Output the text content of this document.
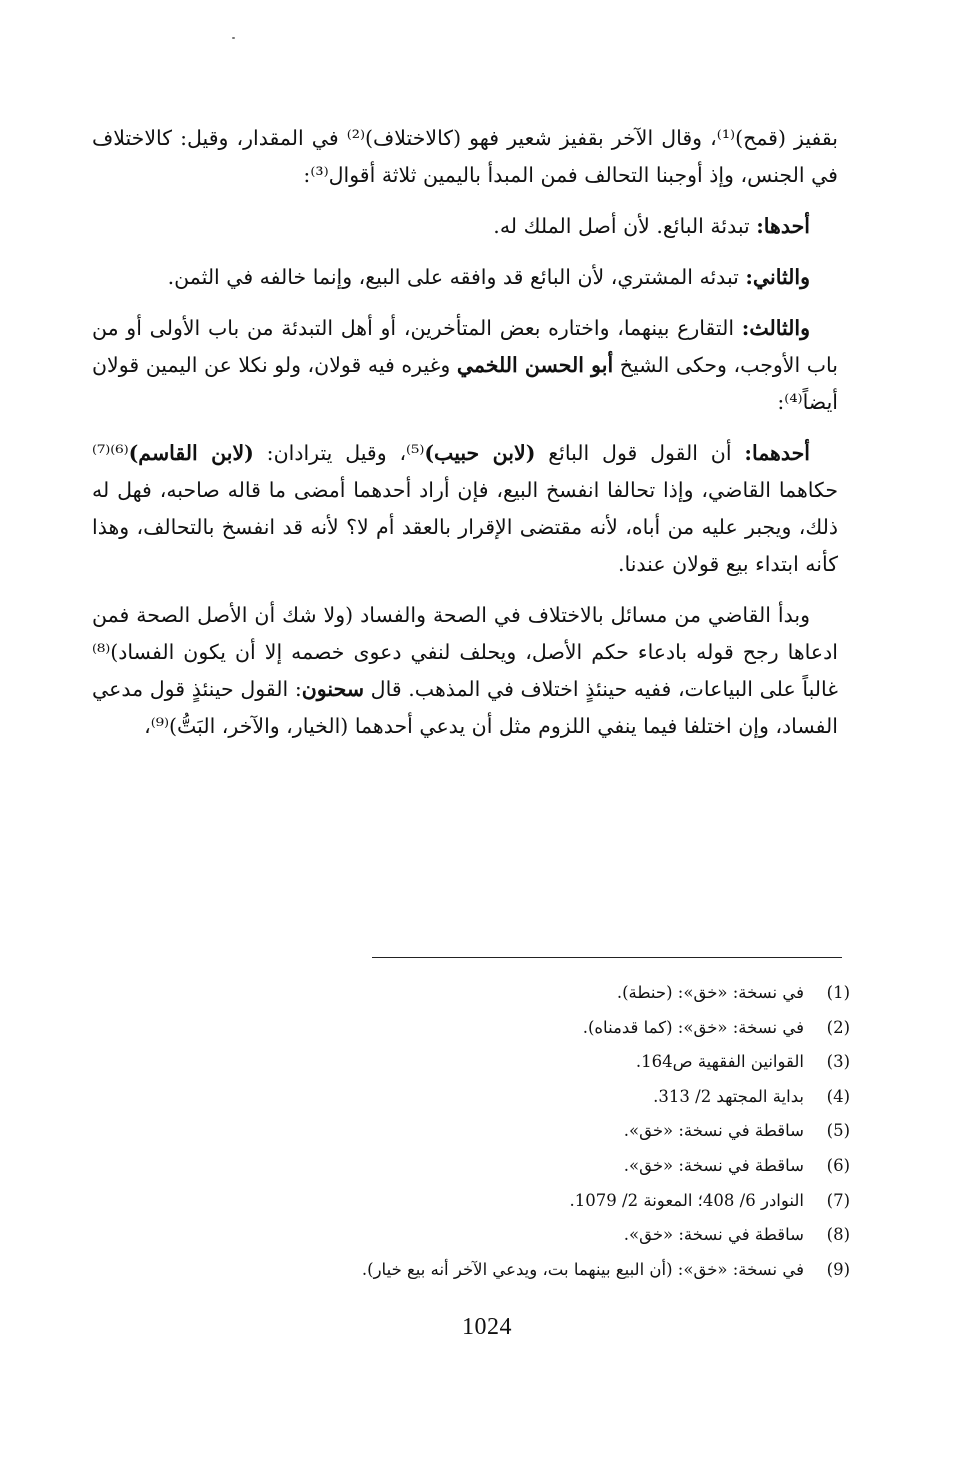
بقفيز (قمح)⁽¹⁾، وقال الآخر بقفيز شعير فهو (كالاختلاف)⁽²⁾ في المقدار، وقيل: كالاختلاف في الجنس، وإذ أوجبنا التحالف فمن المبدأ باليمين ثلاثة أقوال⁽³⁾:

أحدها: تبدئة البائع. لأن أصل الملك له.

والثاني: تبدئه المشتري، لأن البائع قد وافقه على البيع، وإنما خالفه في الثمن.

والثالث: التقارع بينهما، واختاره بعض المتأخرين، أو أهل التبدئة من باب الأولى أو من باب الأوجب، وحكى الشيخ أبو الحسن اللخمي وغيره فيه قولان، ولو نكلا عن اليمين قولان أيضاً⁽⁴⁾:

أحدهما: أن القول قول البائع (لابن حبيب)⁽⁵⁾، وقيل يترادان: (لابن القاسم)⁽⁶⁾⁽⁷⁾ حكاهما القاضي، وإذا تحالفا انفسخ البيع، فإن أراد أحدهما أمضى ما قاله صاحبه، فهل له ذلك، ويجبر عليه من أباه، لأنه مقتضى الإقرار بالعقد أم لا؟ لأنه قد انفسخ بالتحالف، وهذا كأنه ابتداء بيع قولان عندنا.

وبدأ القاضي من مسائل بالاختلاف في الصحة والفساد (ولا شك أن الأصل الصحة فمن ادعاها رجح قوله بادعاء حكم الأصل، ويحلف لنفي دعوى خصمه إلا أن يكون الفساد)⁽⁸⁾ غالباً على البياعات، ففيه حينئذٍ اختلاف في المذهب. قال سحنون: القول حينئذٍ قول مدعي الفساد، وإن اختلفا فيما ينفي اللزوم مثل أن يدعي أحدهما (الخيار، والآخر، البَتُّ)⁽⁹⁾،

(1)في نسخة: «خق»: (حنطة).
(2)في نسخة: «خق»: (كما قدمناه).
(3)القوانين الفقهية ص164.
(4)بداية المجتهد 2/ 313.
(5)ساقطة في نسخة: «خق».
(6)ساقطة في نسخة: «خق».
(7)النوادر 6/ 408؛ المعونة 2/ 1079.
(8)ساقطة في نسخة: «خق».
(9)في نسخة: «خق»: (أن البيع بينهما بت، ويدعي الآخر أنه بيع خيار).
1024
